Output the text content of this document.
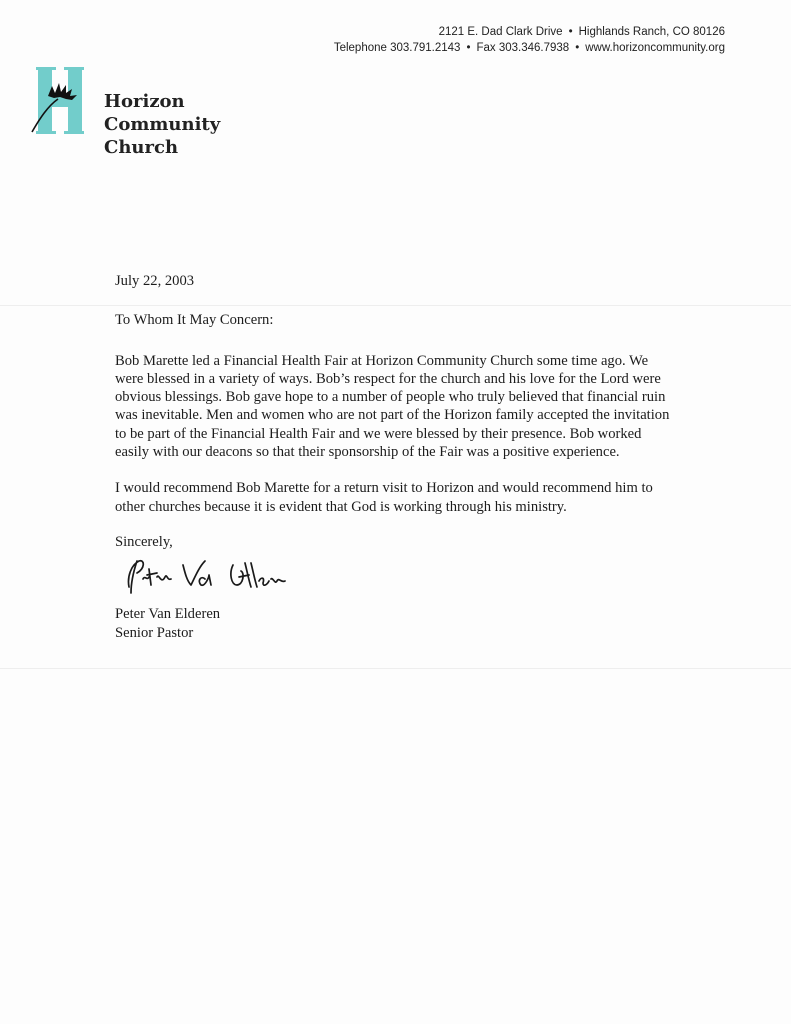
2121 E. Dad Clark Drive • Highlands Ranch, CO 80126
Telephone 303.791.2143 • Fax 303.346.7938 • www.horizoncommunity.org
Horizon
Community
Church

July 22, 2003

To Whom It May Concern:

Bob Marette led a Financial Health Fair at Horizon Community Church some time ago. We were blessed in a variety of ways. Bob’s respect for the church and his love for the Lord were obvious blessings. Bob gave hope to a number of people who truly believed that financial ruin was inevitable. Men and women who are not part of the Horizon family accepted the invitation to be part of the Financial Health Fair and we were blessed by their presence. Bob worked easily with our deacons so that their sponsorship of the Fair was a positive experience.

I would recommend Bob Marette for a return visit to Horizon and would recommend him to other churches because it is evident that God is working through his ministry.

Sincerely,

Peter Van Elderen

Senior Pastor
